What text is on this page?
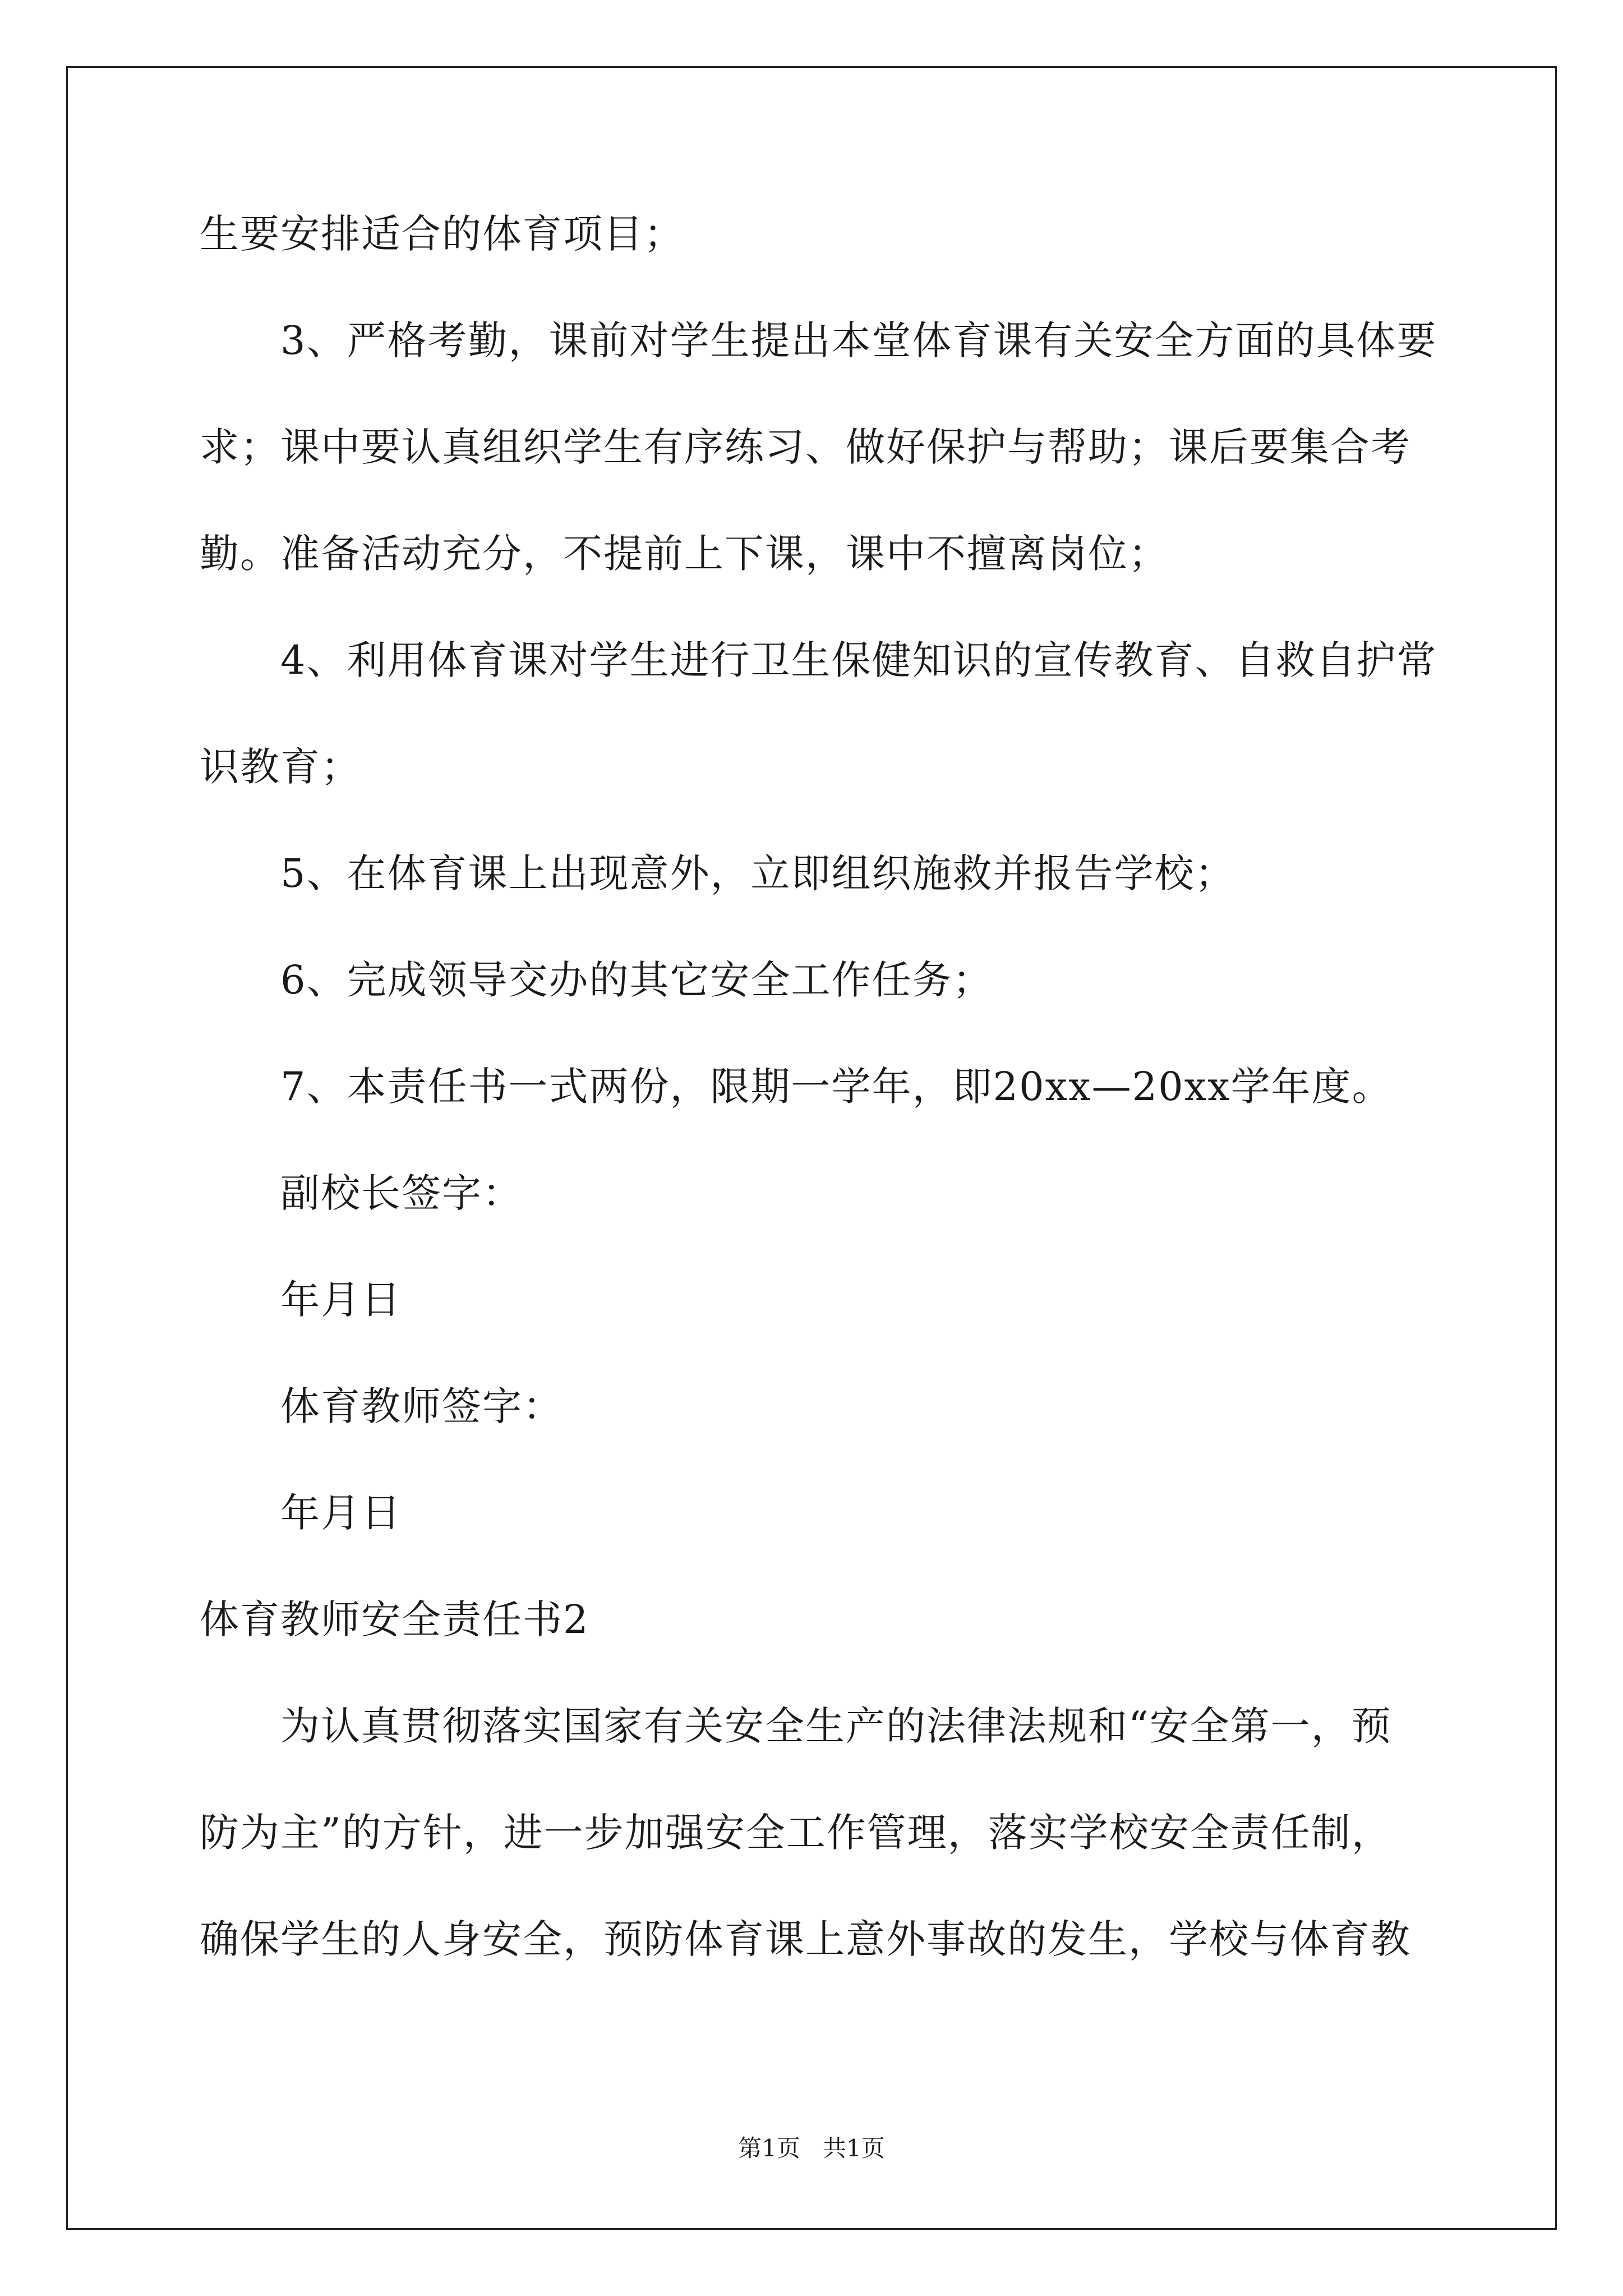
生要安排适合的体育项目；
3、严格考勤，课前对学生提出本堂体育课有关安全方面的具体要
求；课中要认真组织学生有序练习、做好保护与帮助；课后要集合考
勤。准备活动充分，不提前上下课，课中不擅离岗位；
4、利用体育课对学生进行卫生保健知识的宣传教育、自救自护常
识教育；
5、在体育课上出现意外，立即组织施救并报告学校；
6、完成领导交办的其它安全工作任务；
7、本责任书一式两份，限期一学年，即20xx—20xx学年度。
副校长签字：
年月日
体育教师签字：
年月日
体育教师安全责任书2
为认真贯彻落实国家有关安全生产的法律法规和“安全第一，预
防为主”的方针，进一步加强安全工作管理，落实学校安全责任制，
确保学生的人身安全，预防体育课上意外事故的发生，学校与体育教
第1页   共1页
